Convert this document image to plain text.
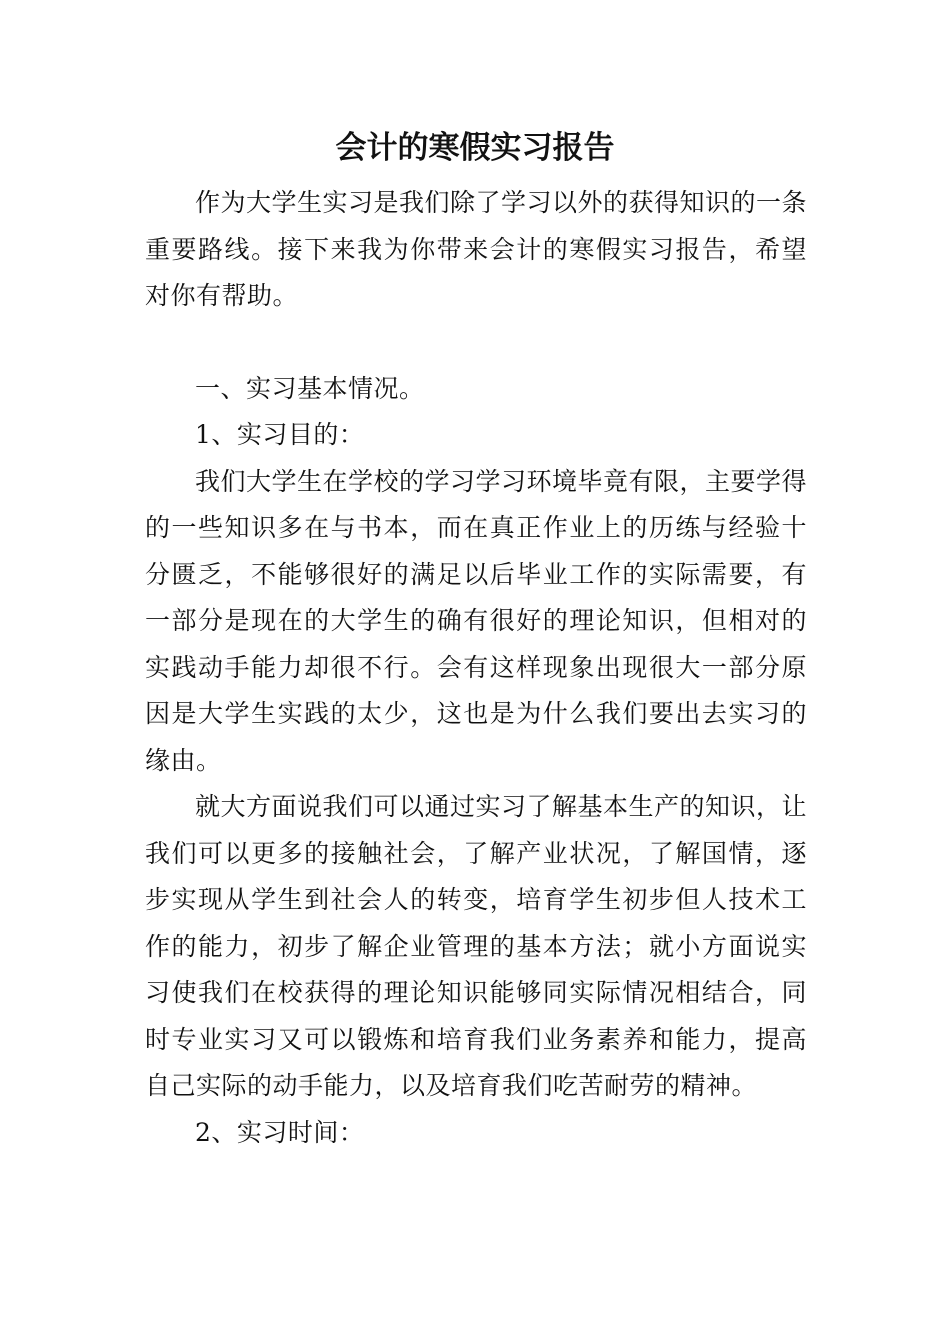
会计的寒假实习报告

作为大学生实习是我们除了学习以外的获得知识的一条重要路线。接下来我为你带来会计的寒假实习报告，希望对你有帮助。

一、实习基本情况。

1、实习目的：

我们大学生在学校的学习学习环境毕竟有限，主要学得的一些知识多在与书本，而在真正作业上的历练与经验十分匮乏，不能够很好的满足以后毕业工作的实际需要，有一部分是现在的大学生的确有很好的理论知识，但相对的实践动手能力却很不行。会有这样现象出现很大一部分原因是大学生实践的太少，这也是为什么我们要出去实习的缘由。

就大方面说我们可以通过实习了解基本生产的知识，让我们可以更多的接触社会，了解产业状况，了解国情，逐步实现从学生到社会人的转变，培育学生初步但人技术工作的能力，初步了解企业管理的基本方法；就小方面说实习使我们在校获得的理论知识能够同实际情况相结合，同时专业实习又可以锻炼和培育我们业务素养和能力，提高自己实际的动手能力，以及培育我们吃苦耐劳的精神。

2、实习时间：
